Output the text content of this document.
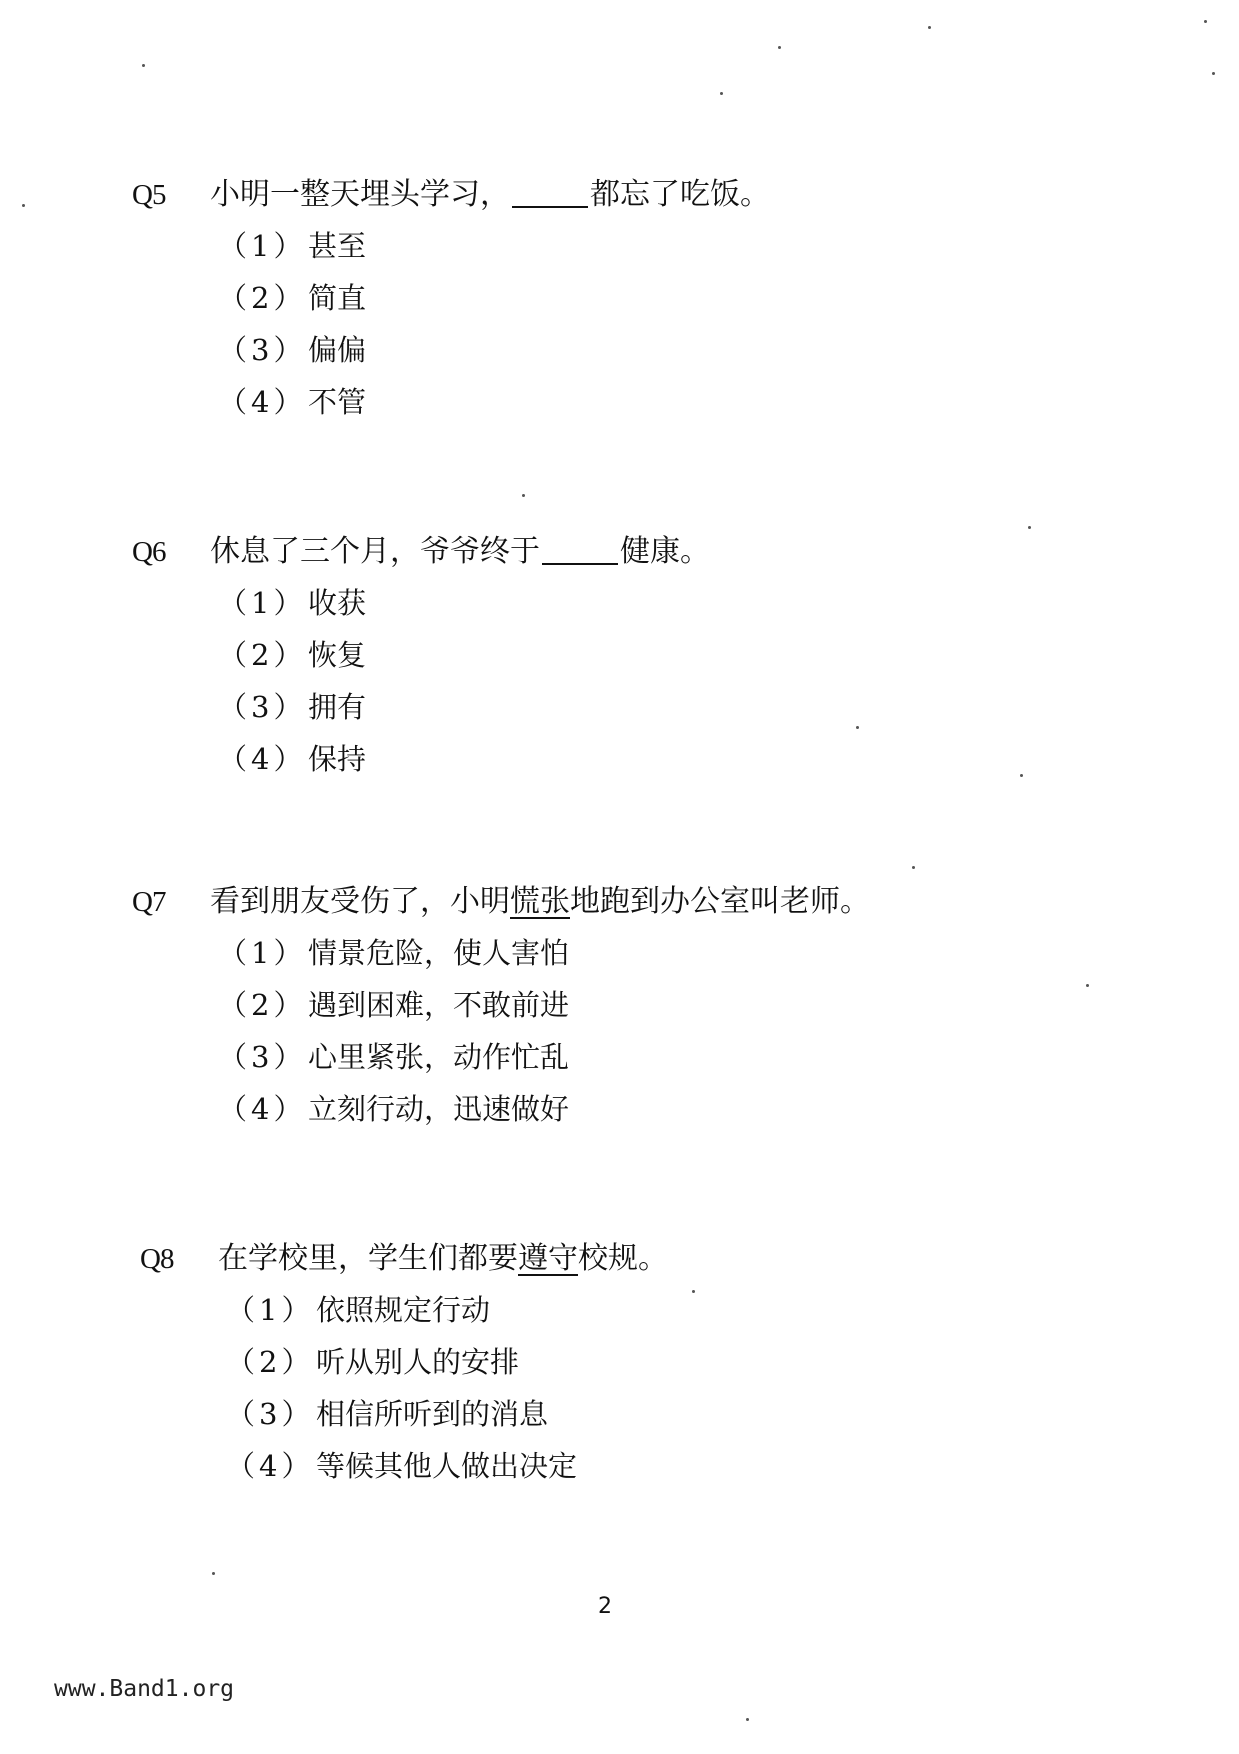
Q5 小明一整天埋头学习，	都忘了吃饭。
（1） 甚至
（2） 简直
（3） 偏偏
（4） 不管
Q6 休息了三个月，爷爷终于	健康。
（1） 收获
（2） 恢复
（3） 拥有
（4） 保持
Q7 看到朋友受伤了，小明慌张地跑到办公室叫老师。
（1） 情景危险，使人害怕
（2） 遇到困难，不敢前进
（3） 心里紧张，动作忙乱
（4） 立刻行动，迅速做好
Q8 在学校里，学生们都要遵守校规。
（1） 依照规定行动
（2） 听从别人的安排
（3） 相信所听到的消息
（4） 等候其他人做出决定
2
www.Band1.org
